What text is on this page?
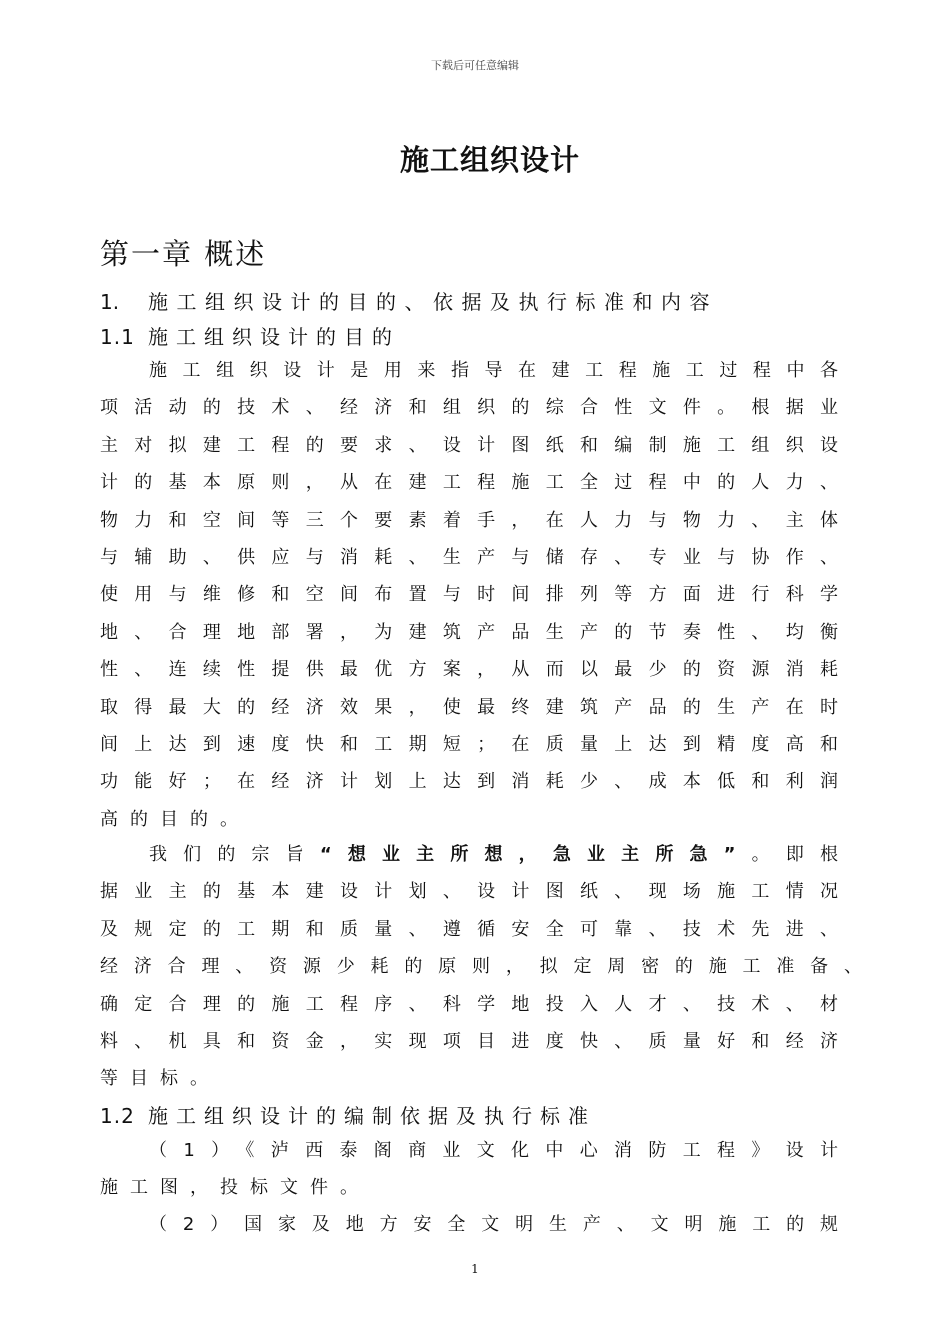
下载后可任意编辑
施工组织设计
第一章 概述
1. 施工组织设计的目的、依据及执行标准和内容
1.1 施工组织设计的目的
施工组织设计是用来指导在建工程施工过程中各
项活动的技术、经济和组织的综合性文件。根据业
主对拟建工程的要求、设计图纸和编制施工组织设
计的基本原则，从在建工程施工全过程中的人力、
物力和空间等三个要素着手，在人力与物力、主体
与辅助、供应与消耗、生产与储存、专业与协作、
使用与维修和空间布置与时间排列等方面进行科学
地、合理地部署，为建筑产品生产的节奏性、均衡
性、连续性提供最优方案，从而以最少的资源消耗
取得最大的经济效果，使最终建筑产品的生产在时
间上达到速度快和工期短；在质量上达到精度高和
功能好；在经济计划上达到消耗少、成本低和利润
高的目的。
我们的宗旨“想业主所想，急业主所急”。即根
据业主的基本建设计划、设计图纸、现场施工情况
及规定的工期和质量、遵循安全可靠、技术先进、
经济合理、资源少耗的原则，拟定周密的施工准备、
确定合理的施工程序、科学地投入人才、技术、材
料、机具和资金，实现项目进度快、质量好和经济
等目标。
1.2 施工组织设计的编制依据及执行标准
（1）《泸西泰阁商业文化中心消防工程》设计
施工图，投标文件。
（2）国家及地方安全文明生产、文明施工的规
1
